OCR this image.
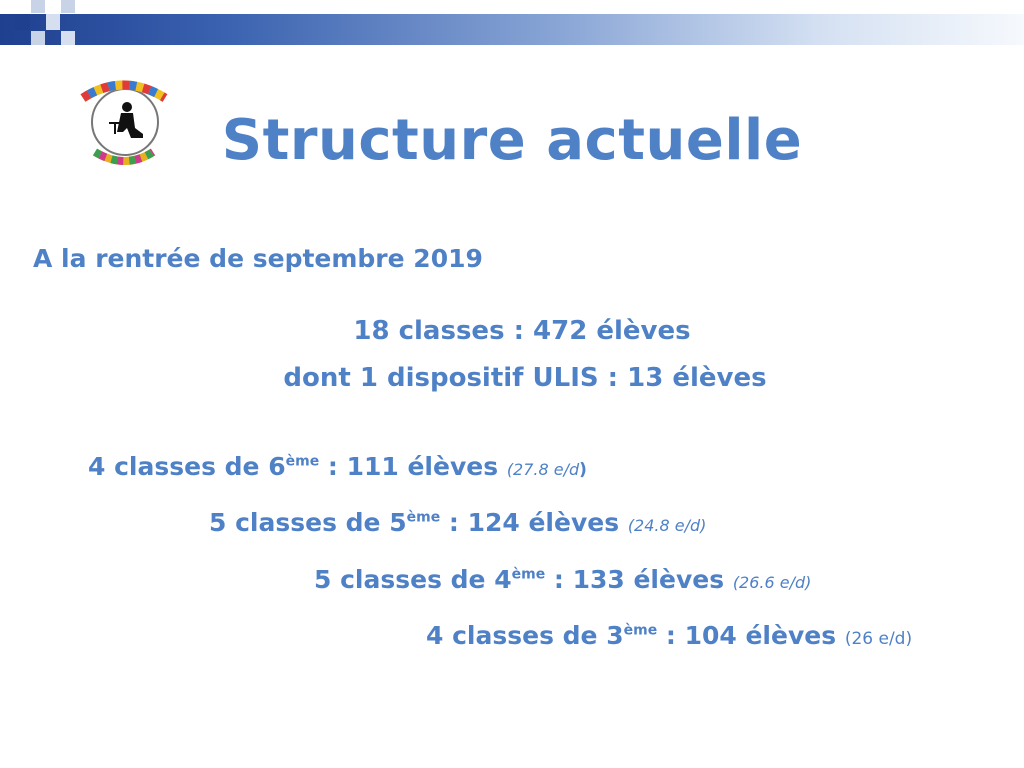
Structure actuelle
A la rentrée de septembre 2019
18 classes : 472 élèves
dont 1 dispositif ULIS : 13 élèves
4 classes de 6ème : 111 élèves (27.8 e/d)
5 classes de 5ème : 124 élèves (24.8 e/d)
5 classes de 4ème : 133 élèves (26.6 e/d)
4 classes de 3ème : 104 élèves (26 e/d)
